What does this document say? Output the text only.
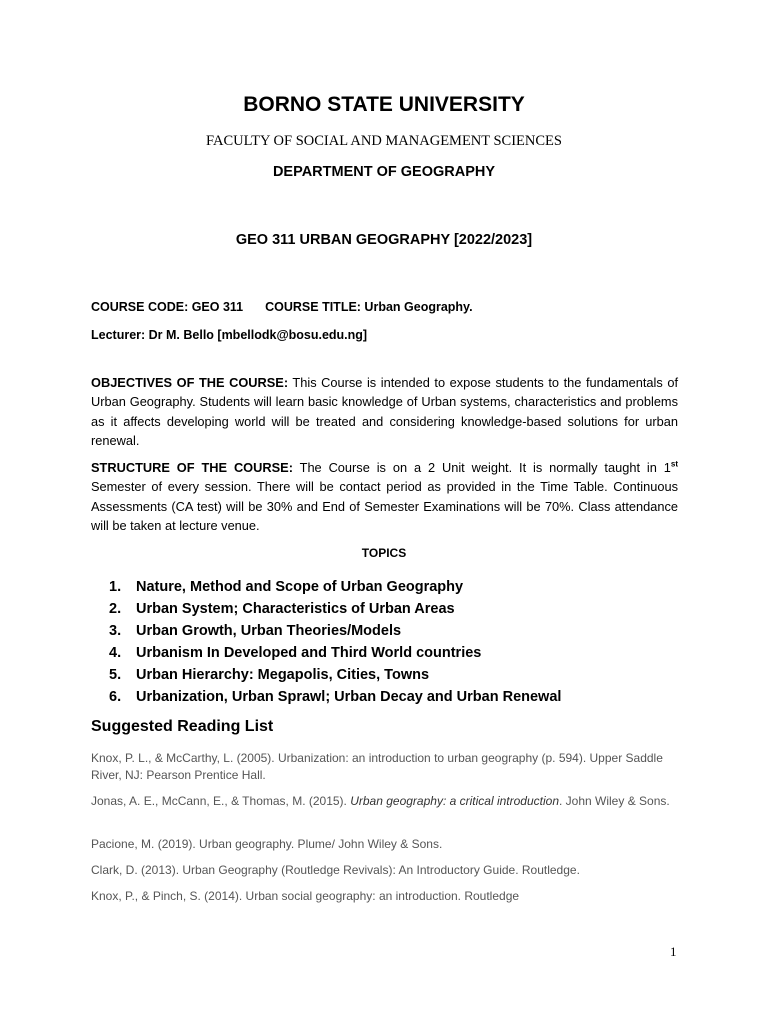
BORNO STATE UNIVERSITY
FACULTY OF SOCIAL AND MANAGEMENT SCIENCES
DEPARTMENT OF GEOGRAPHY
GEO 311 URBAN GEOGRAPHY [2022/2023]
COURSE CODE: GEO 311 COURSE TITLE: Urban Geography.
Lecturer: Dr M. Bello [mbellodk@bosu.edu.ng]
OBJECTIVES OF THE COURSE: This Course is intended to expose students to the fundamentals of Urban Geography. Students will learn basic knowledge of Urban systems, characteristics and problems as it affects developing world will be treated and considering knowledge-based solutions for urban renewal.
STRUCTURE OF THE COURSE: The Course is on a 2 Unit weight. It is normally taught in 1st Semester of every session. There will be contact period as provided in the Time Table. Continuous Assessments (CA test) will be 30% and End of Semester Examinations will be 70%. Class attendance will be taken at lecture venue.
TOPICS
1. Nature, Method and Scope of Urban Geography
2. Urban System; Characteristics of Urban Areas
3. Urban Growth, Urban Theories/Models
4. Urbanism In Developed and Third World countries
5. Urban Hierarchy: Megapolis, Cities, Towns
6. Urbanization, Urban Sprawl; Urban Decay and Urban Renewal
Suggested Reading List
Knox, P. L., & McCarthy, L. (2005). Urbanization: an introduction to urban geography (p. 594). Upper Saddle River, NJ: Pearson Prentice Hall.
Jonas, A. E., McCann, E., & Thomas, M. (2015). Urban geography: a critical introduction. John Wiley & Sons.
Pacione, M. (2019). Urban geography. Plume/ John Wiley & Sons.
Clark, D. (2013). Urban Geography (Routledge Revivals): An Introductory Guide. Routledge.
Knox, P., & Pinch, S. (2014). Urban social geography: an introduction. Routledge
1
